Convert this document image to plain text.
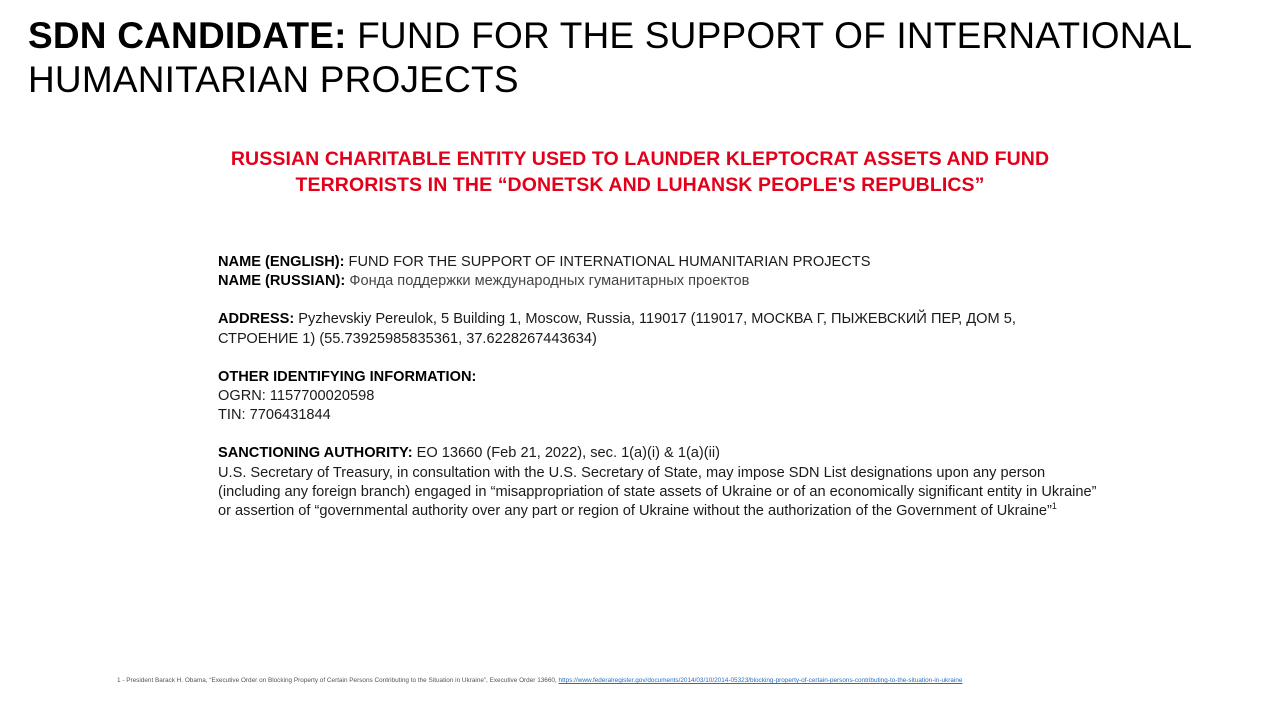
SDN CANDIDATE: FUND FOR THE SUPPORT OF INTERNATIONAL HUMANITARIAN PROJECTS
RUSSIAN CHARITABLE ENTITY USED TO LAUNDER KLEPTOCRAT ASSETS AND FUND
TERRORISTS IN THE “DONETSK AND LUHANSK PEOPLE'S REPUBLICS”
NAME (ENGLISH): FUND FOR THE SUPPORT OF INTERNATIONAL HUMANITARIAN PROJECTS
NAME (RUSSIAN): Фонда поддержки международных гуманитарных проектов
ADDRESS: Pyzhevskiy Pereulok, 5 Building 1, Moscow, Russia, 119017 (119017, МОСКВА Г, ПЫЖЕВСКИЙ ПЕР, ДОМ 5, СТРОЕНИЕ 1) (55.73925985835361, 37.6228267443634)
OTHER IDENTIFYING INFORMATION:
OGRN: 1157700020598
TIN: 7706431844
SANCTIONING AUTHORITY: EO 13660 (Feb 21, 2022), sec. 1(a)(i) & 1(a)(ii)
U.S. Secretary of Treasury, in consultation with the U.S. Secretary of State, may impose SDN List designations upon any person (including any foreign branch) engaged in “misappropriation of state assets of Ukraine or of an economically significant entity in Ukraine” or assertion of “governmental authority over any part or region of Ukraine without the authorization of the Government of Ukraine”$^1$
1 - President Barack H. Obama, “Executive Order on Blocking Property of Certain Persons Contributing to the Situation in Ukraine”, Executive Order 13660, https://www.federalregister.gov/documents/2014/03/10/2014-05323/blocking-property-of-certain-persons-contributing-to-the-situation-in-ukraine
